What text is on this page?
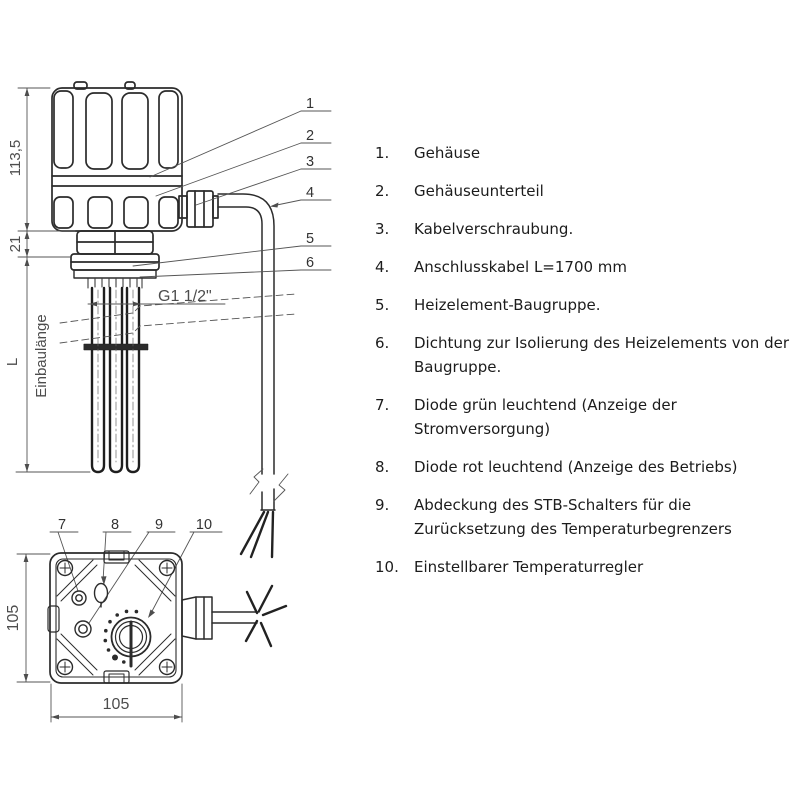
113,5
21
L Einbaulänge
G1 1/2"
105
105
1
2
3
4
5
6
7	8 9 10
1.	Gehäuse
2.	Gehäuseunterteil
3.	Kabelverschraubung.
4.	Anschlusskabel L=1700 mm
5.	Heizelement-Baugruppe.
6.	Dichtung zur Isolierung des Heizelements von der Baugruppe.
7.	Diode grün leuchtend (Anzeige der Stromversorgung)
8.	Diode rot leuchtend (Anzeige des Betriebs)
9.	Abdeckung des STB-Schalters für die Zurücksetzung des Temperaturbegrenzers
10.	Einstellbarer Temperaturregler
